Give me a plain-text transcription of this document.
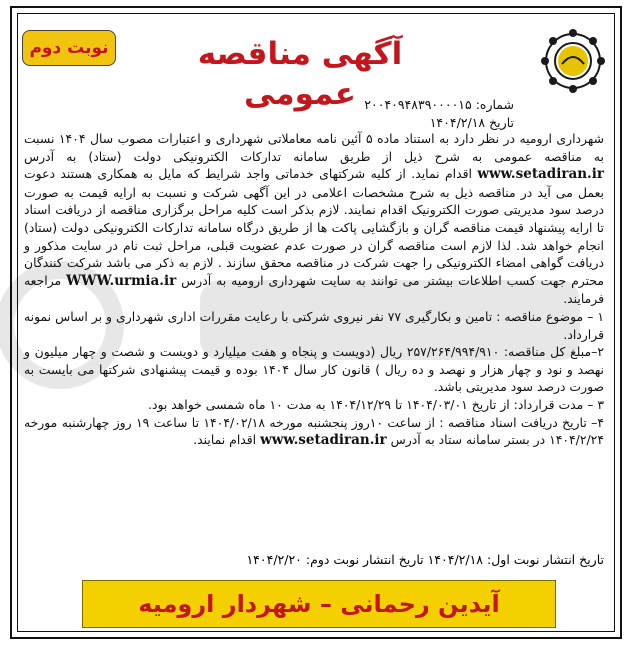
نوبت دوم	آگهی مناقصه عمومی شماره: ۲۰۰۴۰۹۴۸۳۹۰۰۰۰۱۵
تاریخ ۱۴۰۴/۲/۱۸

شهرداری ارومیه در نظر دارد به استناد ماده ۵ آئین نامه معاملاتی شهرداری و اعتبارات مصوب سال ۱۴۰۴ نسبت به مناقصه عمومی به شرح ذیل از طریق سامانه تدارکات الکترونیکی دولت (ستاد) به آدرس www.setadiran.ir اقدام نماید. از کلیه شرکتهای خدماتی واجد شرایط که مایل به همکاری هستند دعوت بعمل می آید در مناقصه ذیل به شرح مشخصات اعلامی در این آگهی شرکت و نسبت به ارایه قیمت به صورت درصد سود مدیریتی صورت الکترونیک اقدام نمایند. لازم بذکر است کلیه مراحل برگزاری مناقصه از دریافت اسناد تا ارایه پیشنهاد قیمت مناقصه گران و بازگشایی پاکت ها از طریق درگاه سامانه تدارکات الکترونیکی دولت (ستاد) انجام خواهد شد. لذا لازم است مناقصه گران در صورت عدم عضویت قبلی، مراحل ثبت نام در سایت مذکور و دریافت گواهی امضاء الکترونیکی را جهت شرکت در مناقصه محقق سازند . لازم به ذکر می باشد شرکت کنندگان محترم جهت کسب اطلاعات بیشتر می توانند به سایت شهرداری ارومیه به آدرس WWW.urmia.ir مراجعه فرمایند.

۱ – موضوع مناقصه : تامین و بکارگیری ۷۷ نفر نیروی شرکتی با رعایت مقررات اداری شهرداری و بر اساس نمونه قرارداد.

۲–مبلغ کل مناقصه: ۲۵۷/۲۶۴/۹۹۴/۹۱۰ ریال (دویست و پنجاه و هفت میلیارد و دویست و شصت و چهار میلیون و نهصد و نود و چهار هزار و نهصد و ده ریال ) قانون کار سال ۱۴۰۴ بوده و قیمت پیشنهادی شرکتها می بایست به صورت درصد سود مدیریتی باشد.

۳ – مدت قرارداد: از تاریخ ۱۴۰۴/۰۳/۰۱ تا ۱۴۰۴/۱۲/۲۹ به مدت ۱۰ ماه شمسی خواهد بود.

۴– تاریخ دریافت اسناد مناقصه : از ساعت ۱۰روز پنجشنبه مورخه ۱۴۰۴/۰۲/۱۸ تا ساعت ۱۹ روز چهارشنبه مورخه ۱۴۰۴/۲/۲۴ در بستر سامانه ستاد به آدرس www.setadiran.ir اقدام نمایند.

تاریخ انتشار نوبت اول: ۱۴۰۴/۲/۱۸ تاریخ انتشار نوبت دوم: ۱۴۰۴/۲/۲۰
آیدین رحمانی – شهردار ارومیه
